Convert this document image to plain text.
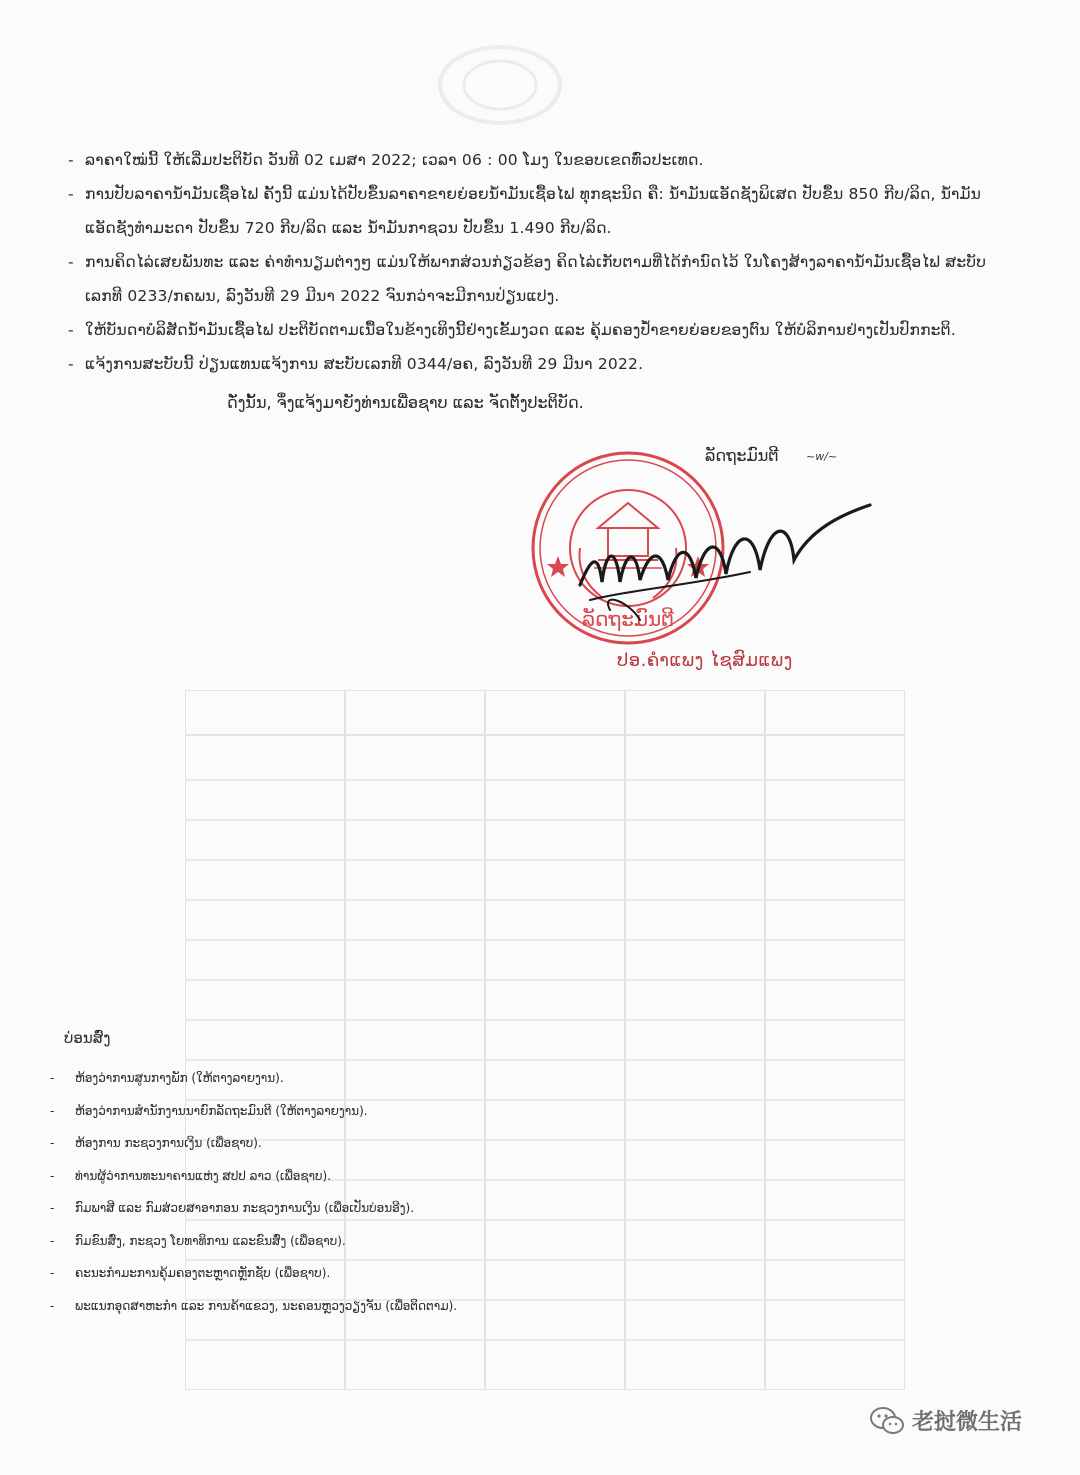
- ລາຄາໃໝ່ນີ້ ໃຫ້ເລີ່ມປະຕິບັດ ວັນທີ 02 ເມສາ 2022; ເວລາ 06 : 00 ໂມງ ໃນຂອບເຂດທົ່ວປະເທດ.
- ການປັບລາຄານ້ຳມັນເຊື້ອໄຟ ຄັ້ງນີ້ ແມ່ນໄດ້ປັບຂຶ້ນລາຄາຂາຍຍ່ອຍນ້ຳມັນເຊື້ອໄຟ ທຸກຊະນິດ ຄື: ນ້ຳມັນແອັດຊັງພິເສດ ປັບຂຶ້ນ 850 ກີບ/ລິດ, ນ້ຳມັນແອັດຊັງທຳມະດາ ປັບຂຶ້ນ 720 ກີບ/ລິດ ແລະ ນ້ຳມັນກາຊວນ ປັບຂຶ້ນ 1.490 ກີບ/ລິດ.
- ການຄິດໄລ່ເສຍພັນທະ ແລະ ຄ່າທຳນຽມຕ່າງໆ ແມ່ນໃຫ້ພາກສ່ວນກ່ຽວຂ້ອງ ຄິດໄລ່ເກັບຕາມທີ່ໄດ້ກຳນົດໄວ້ ໃນໂຄງສ້າງລາຄານ້ຳມັນເຊື້ອໄຟ ສະບັບເລກທີ 0233/ກຄພນ, ລົງວັນທີ 29 ມີນາ 2022 ຈົນກວ່າຈະມີການປ່ຽນແປງ.
- ໃຫ້ບັນດາບໍລິສັດນ້ຳມັນເຊື້ອໄຟ ປະຕິບັດຕາມເນື້ອໃນຂ້າງເທິງນີ້ຢ່າງເຂັ້ມງວດ ແລະ ຄຸ້ມຄອງປ້ຳຂາຍຍ່ອຍຂອງຕົນ ໃຫ້ບໍລິການຢ່າງເປັນປົກກະຕິ.
- ແຈ້ງການສະບັບນີ້ ປ່ຽນແທນແຈ້ງການ ສະບັບເລກທີ 0344/ອຄ, ລົງວັນທີ 29 ມີນາ 2022.
ດັ່ງນັ້ນ, ຈຶ່ງແຈ້ງມາຍັງທ່ານເພື່ອຊາບ ແລະ ຈັດຕັ້ງປະຕິບັດ.
ລັດຖະມົນຕີ ~w/~
ລັດຖະມົນຕີ
ປອ.ຄຳແພງ ໄຊສົມແພງ
ບ່ອນສົ່ງ
-	ຫ້ອງວ່າການສູນກາງພັກ (ໃຫ້ຕາງລາຍງານ).
-	ຫ້ອງວ່າການສຳນັກງານນາຍົກລັດຖະມົນຕີ (ໃຫ້ຕາງລາຍງານ).
-	ຫ້ອງການ ກະຊວງການເງິນ (ເພື່ອຊາບ).
-	ທ່ານຜູ້ວ່າການທະນາຄານແຫ່ງ ສປປ ລາວ (ເພື່ອຊາບ).
-	ກົມພາສີ ແລະ ກົມສ່ວຍສາອາກອນ ກະຊວງການເງິນ (ເພື່ອເປັນບ່ອນອີງ).
-	ກົມຂົນສົ່ງ, ກະຊວງ ໂຍທາທິການ ແລະຂົນສົ່ງ (ເພື່ອຊາບ).
-	ຄະນະກຳມະການຄຸ້ມຄອງຕະຫຼາດຫຼັກຊັບ (ເພື່ອຊາບ).
-	ພະແນກອຸດສາຫະກຳ ແລະ ການຄ້າແຂວງ, ນະຄອນຫຼວງວຽງຈັນ (ເພື່ອຕິດຕາມ).
老挝微生活
